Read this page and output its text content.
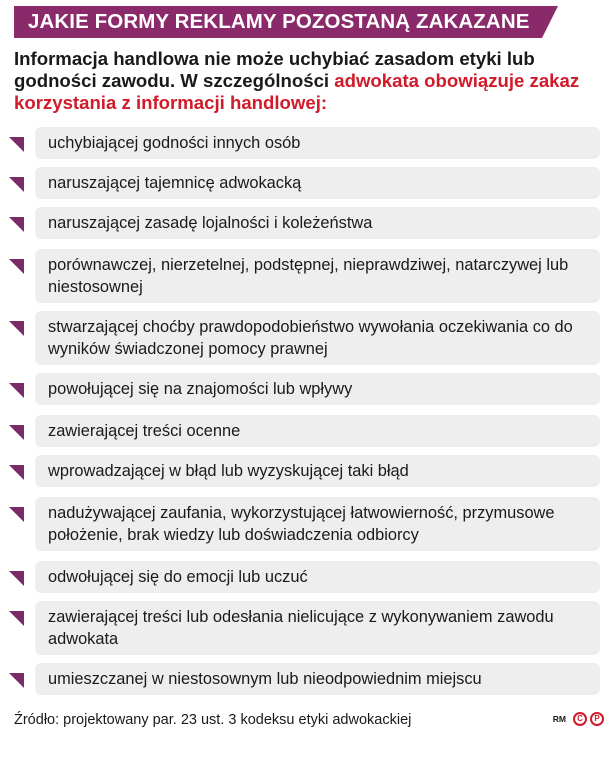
JAKIE FORMY REKLAMY POZOSTANĄ ZAKAZANE
Informacja handlowa nie może uchybiać zasadom etyki lub godności zawodu. W szczególności adwokata obowiązuje zakaz korzystania z informacji handlowej:
uchybiającej godności innych osób
naruszającej tajemnicę adwokacką
naruszającej zasadę lojalności i koleżeństwa
porównawczej, nierzetelnej, podstępnej, nieprawdziwej, natarczywej lub niestosownej
stwarzającej choćby prawdopodobieństwo wywołania oczekiwania co do wyników świadczonej pomocy prawnej
powołującej się na znajomości lub wpływy
zawierającej treści ocenne
wprowadzającej w błąd lub wyzyskującej taki błąd
nadużywającej zaufania, wykorzystującej łatwowierność, przymusowe położenie, brak wiedzy lub doświadczenia odbiorcy
odwołującej się do emocji lub uczuć
zawierającej treści lub odesłania nielicujące z wykonywaniem zawodu adwokata
umieszczanej w niestosownym lub nieodpowiednim miejscu
Źródło: projektowany par. 23 ust. 3 kodeksu etyki adwokackiej	RM	C	P
